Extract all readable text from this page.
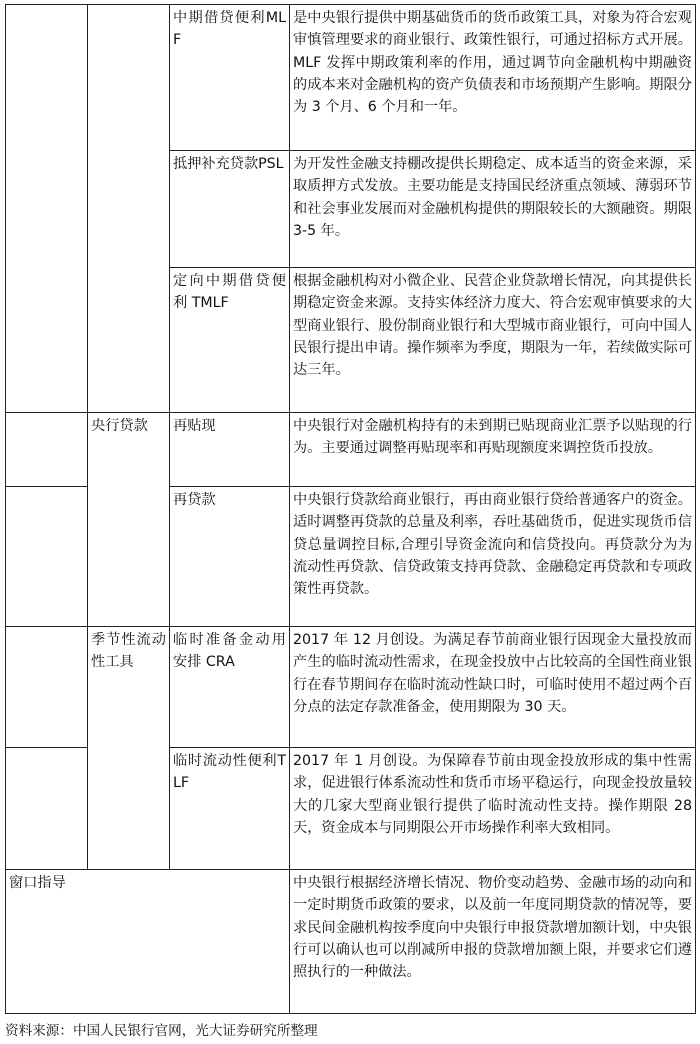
		中期借贷便利MLF	是中央银行提供中期基础货币的货币政策工具，对象为符合宏观审慎管理要求的商业银行、政策性银行，可通过招标方式开展。MLF 发挥中期政策利率的作用，通过调节向金融机构中期融资的成本来对金融机构的资产负债表和市场预期产生影响。期限分为 3 个月、6 个月和一年。
		抵押补充贷款PSL	为开发性金融支持棚改提供长期稳定、成本适当的资金来源，采取质押方式发放。主要功能是支持国民经济重点领域、薄弱环节和社会事业发展而对金融机构提供的期限较长的大额融资。期限3-5 年。
		定向中期借贷便利 TMLF	根据金融机构对小微企业、民营企业贷款增长情况，向其提供长期稳定资金来源。支持实体经济力度大、符合宏观审慎要求的大型商业银行、股份制商业银行和大型城市商业银行，可向中国人民银行提出申请。操作频率为季度，期限为一年，若续做实际可达三年。
	央行贷款	再贴现	中央银行对金融机构持有的未到期已贴现商业汇票予以贴现的行为。主要通过调整再贴现率和再贴现额度来调控货币投放。
		再贷款	中央银行贷款给商业银行，再由商业银行贷给普通客户的资金。适时调整再贷款的总量及利率，吞吐基础货币，促进实现货币信贷总量调控目标,合理引导资金流向和信贷投向。再贷款分为为流动性再贷款、信贷政策支持再贷款、金融稳定再贷款和专项政策性再贷款。
	季节性流动性工具	临时准备金动用安排 CRA	2017 年 12 月创设。为满足春节前商业银行因现金大量投放而产生的临时流动性需求，在现金投放中占比较高的全国性商业银行在春节期间存在临时流动性缺口时，可临时使用不超过两个百分点的法定存款准备金，使用期限为 30 天。
		临时流动性便利TLF	2017 年 1 月创设。为保障春节前由现金投放形成的集中性需求，促进银行体系流动性和货币市场平稳运行，向现金投放量较大的几家大型商业银行提供了临时流动性支持。操作期限 28 天，资金成本与同期限公开市场操作利率大致相同。
窗口指导			中央银行根据经济增长情况、物价变动趋势、金融市场的动向和一定时期货币政策的要求，以及前一年度同期贷款的情况等，要求民间金融机构按季度向中央银行申报贷款增加额计划，中央银行可以确认也可以削减所申报的贷款增加额上限，并要求它们遵照执行的一种做法。
资料来源：中国人民银行官网，光大证券研究所整理
